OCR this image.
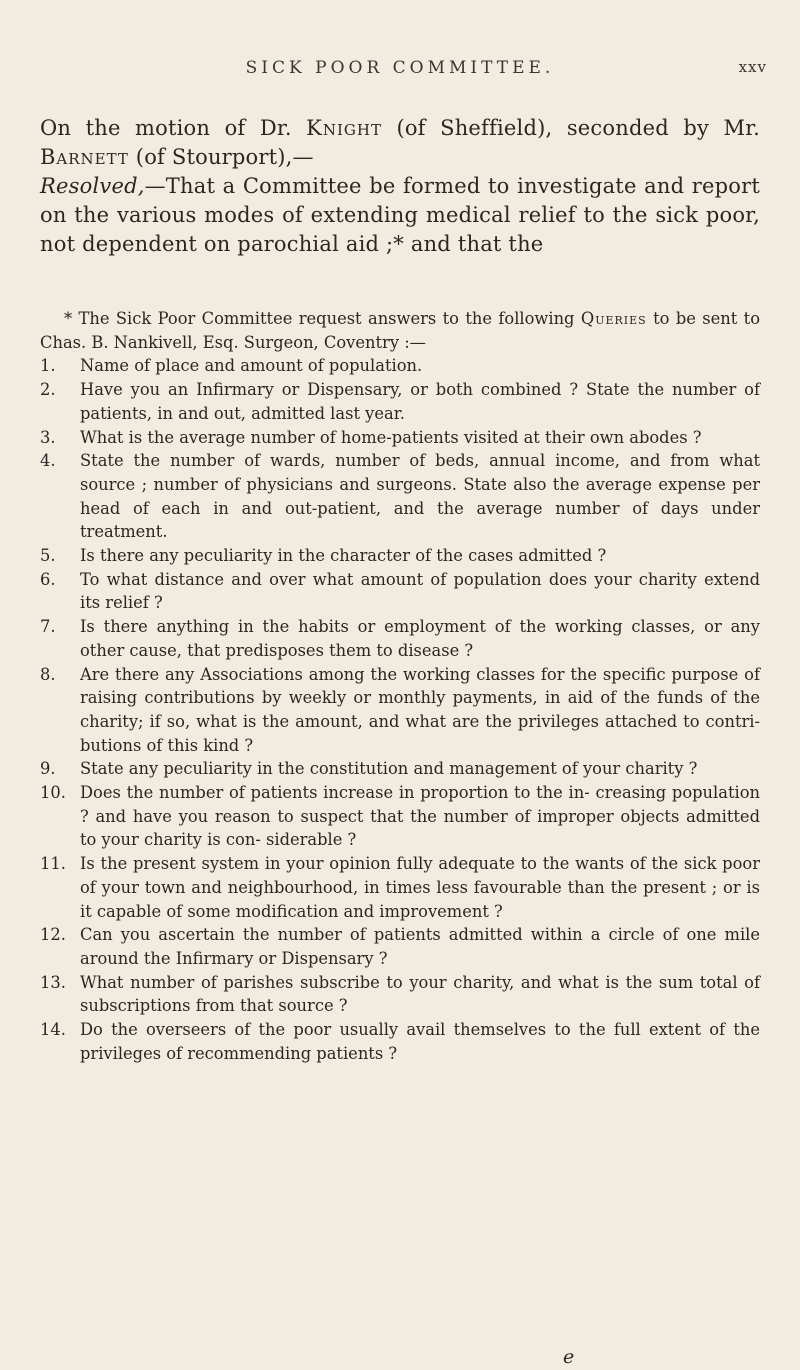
SICK POOR COMMITTEE.	xxv

On the motion of Dr. Knight (of Sheffield), seconded by Mr. Barnett (of Stourport),—

Resolved,—That a Committee be formed to investigate and report on the various modes of extending medical relief to the sick poor, not dependent on parochial aid ;* and that the

* The Sick Poor Committee request answers to the following Queries to be sent to Chas. B. Nankivell, Esq. Surgeon, Coventry :—

1.	Name of place and amount of population.
2.	Have you an Infirmary or Dispensary, or both combined ? State the number of patients, in and out, admitted last year.
3.	What is the average number of home-patients visited at their own abodes ?
4.	State the number of wards, number of beds, annual income, and from what source ; number of physicians and surgeons. State also the average expense per head of each in and out-patient, and the average number of days under treatment.
5.	Is there any peculiarity in the character of the cases admitted ?
6.	To what distance and over what amount of population does your charity extend its relief ?
7.	Is there anything in the habits or employment of the working classes, or any other cause, that predisposes them to disease ?
8.	Are there any Associations among the working classes for the specific purpose of raising contributions by weekly or monthly payments, in aid of the funds of the charity; if so, what is the amount, and what are the privileges attached to contri- butions of this kind ?
9.	State any peculiarity in the constitution and management of your charity ?
10. Does the number of patients increase in proportion to the in- creasing population ? and have you reason to suspect that the number of improper objects admitted to your charity is con- siderable ?
11. Is the present system in your opinion fully adequate to the wants of the sick poor of your town and neighbourhood, in times less favourable than the present ; or is it capable of some modification and improvement ?
12. Can you ascertain the number of patients admitted within a circle of one mile around the Infirmary or Dispensary ?
13. What number of parishes subscribe to your charity, and what is the sum total of subscriptions from that source ?
14. Do the overseers of the poor usually avail themselves to the full extent of the privileges of recommending patients ?
e
